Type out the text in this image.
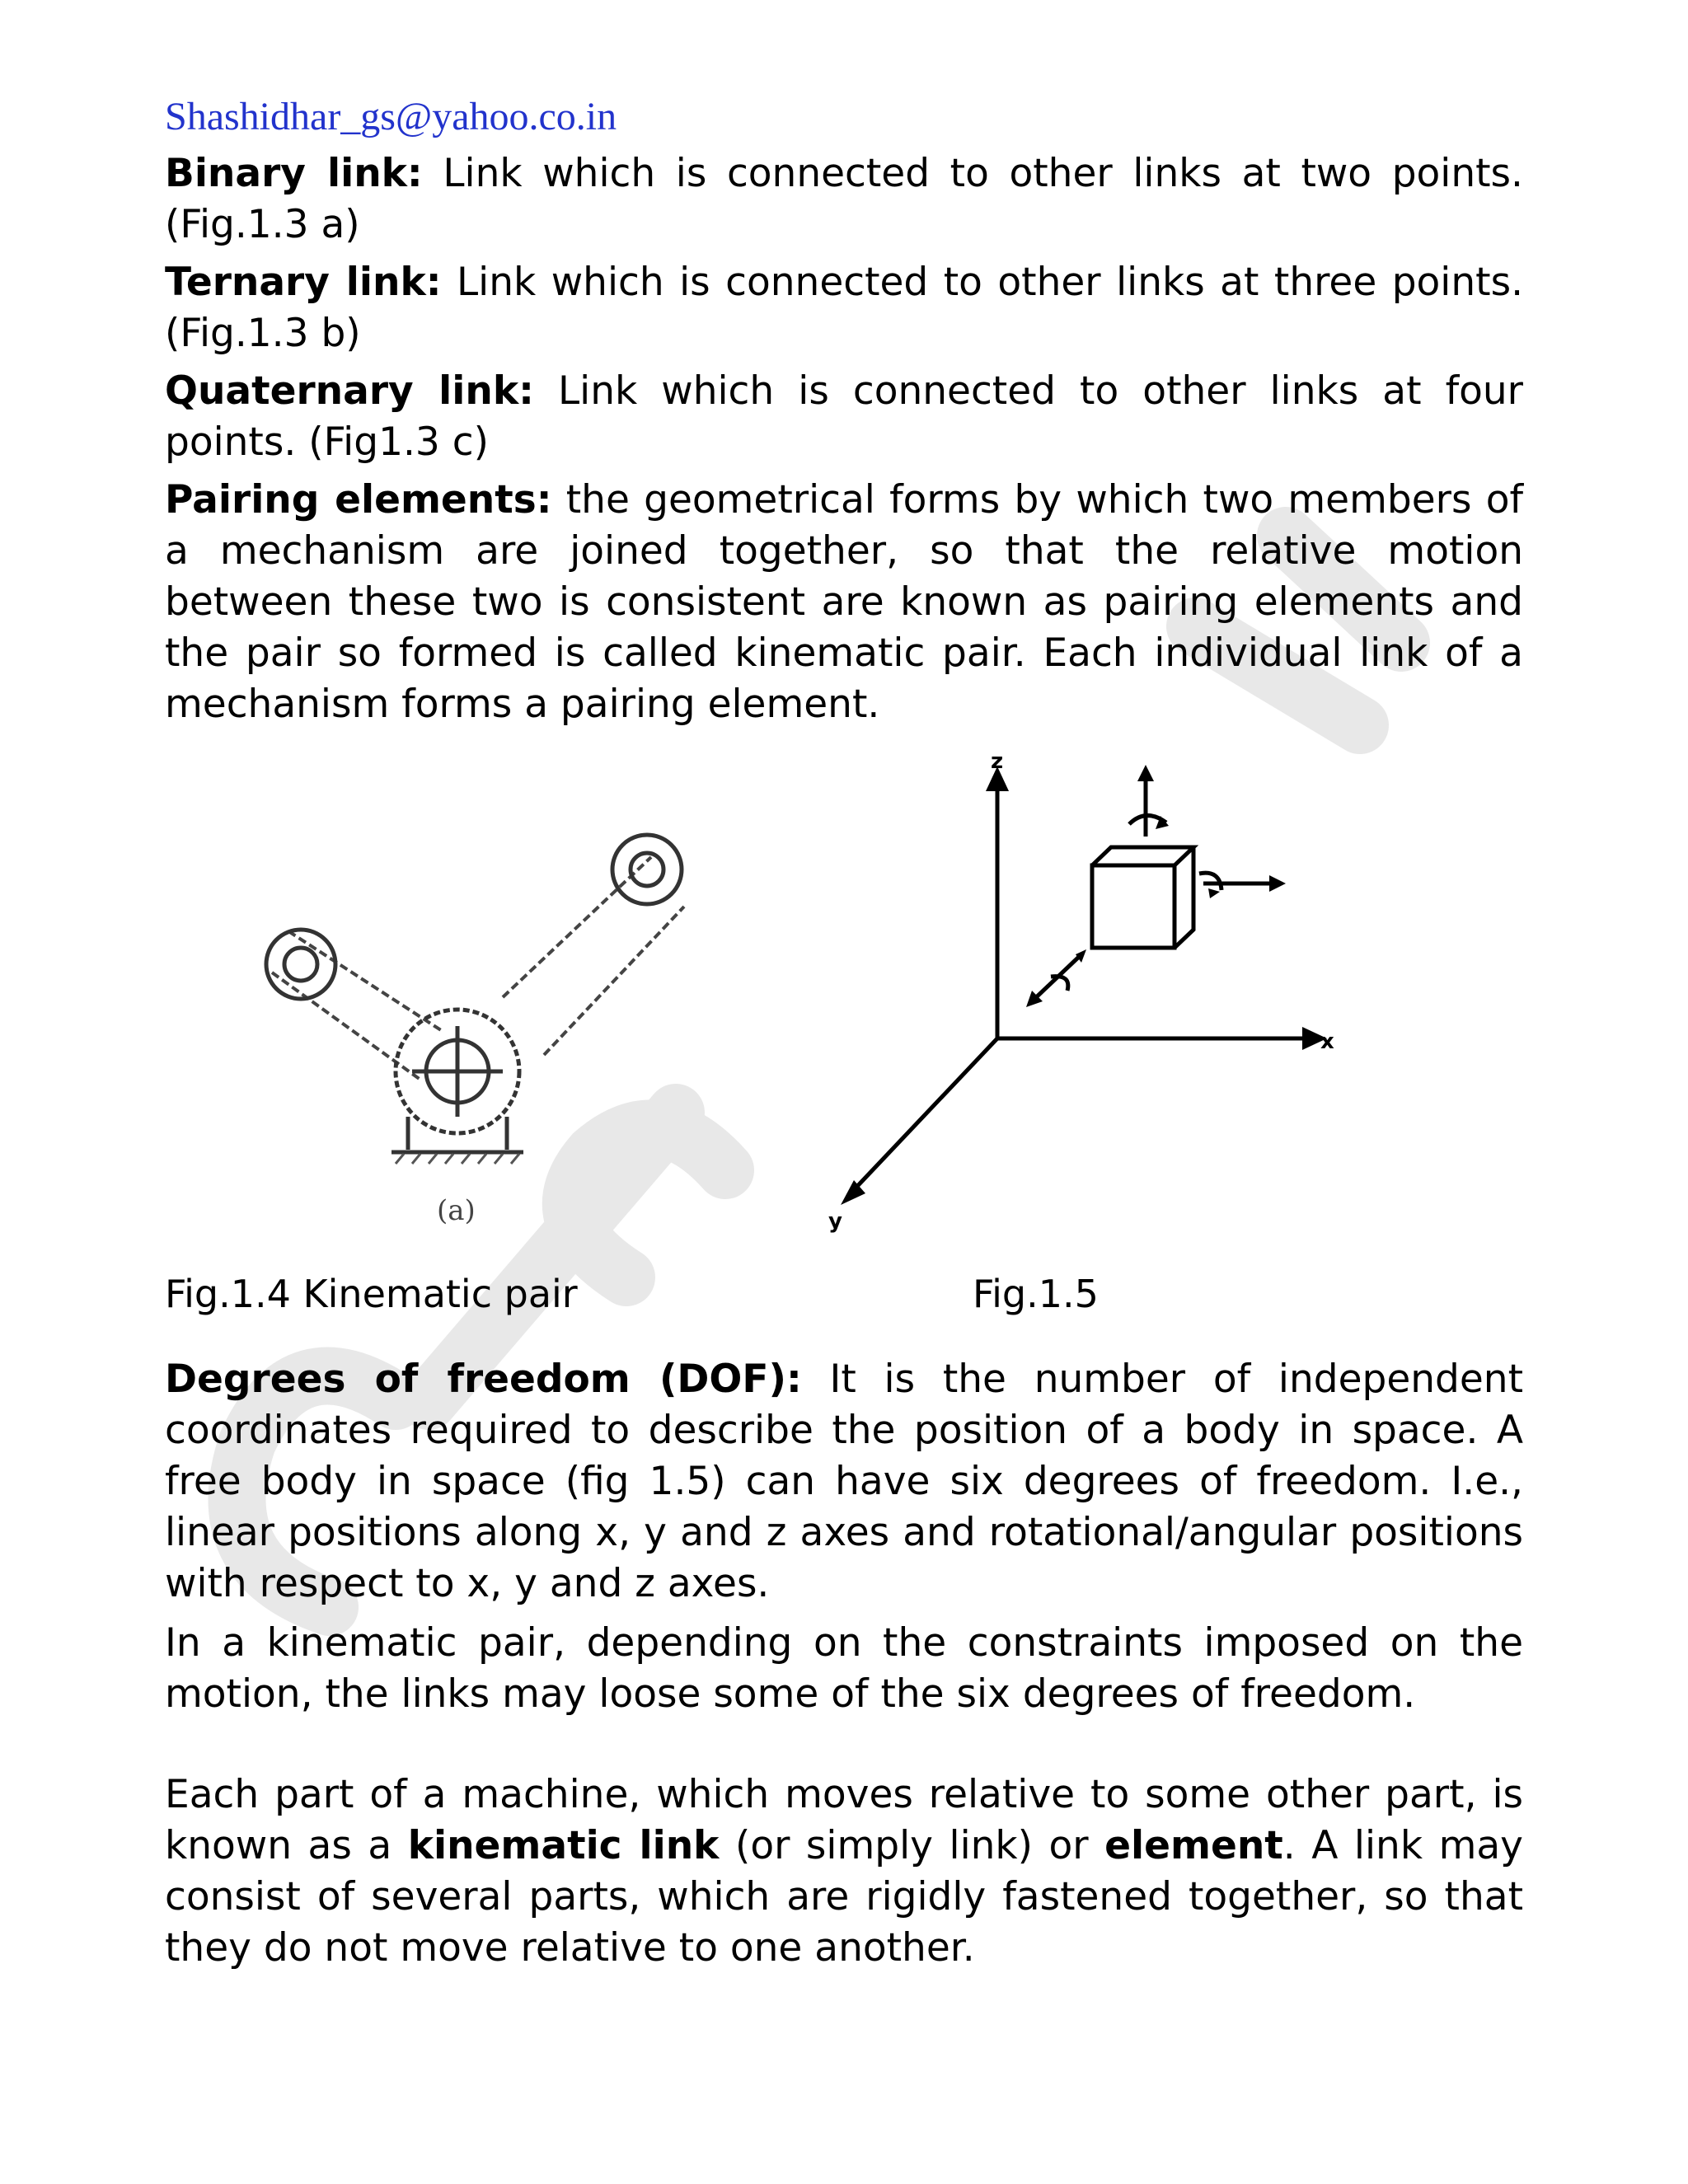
Shashidhar_gs@yahoo.co.in
Binary link: Link which is connected to other links at two points. (Fig.1.3 a)
Ternary link: Link which is connected to other links at three points. (Fig.1.3 b)
Quaternary link: Link which is connected to other links at four points. (Fig1.3 c)
Pairing elements: the geometrical forms by which two members of a mechanism are joined together, so that the relative motion between these two is consistent are known as pairing elements and the pair so formed is called kinematic pair. Each individual link of a mechanism forms a pairing element.
(a)
z
x
y
Fig.1.4 Kinematic pair	Fig.1.5
Degrees of freedom (DOF): It is the number of independent coordinates required to describe the position of a body in space. A free body in space (fig 1.5) can have six degrees of freedom. I.e., linear positions along x, y and z axes and rotational/angular positions with respect to x, y and z axes.
In a kinematic pair, depending on the constraints imposed on the motion, the links may loose some of the six degrees of freedom.
Each part of a machine, which moves relative to some other part, is known as a kinematic link (or simply link) or element. A link may consist of several parts, which are rigidly fastened together, so that they do not move relative to one another.
